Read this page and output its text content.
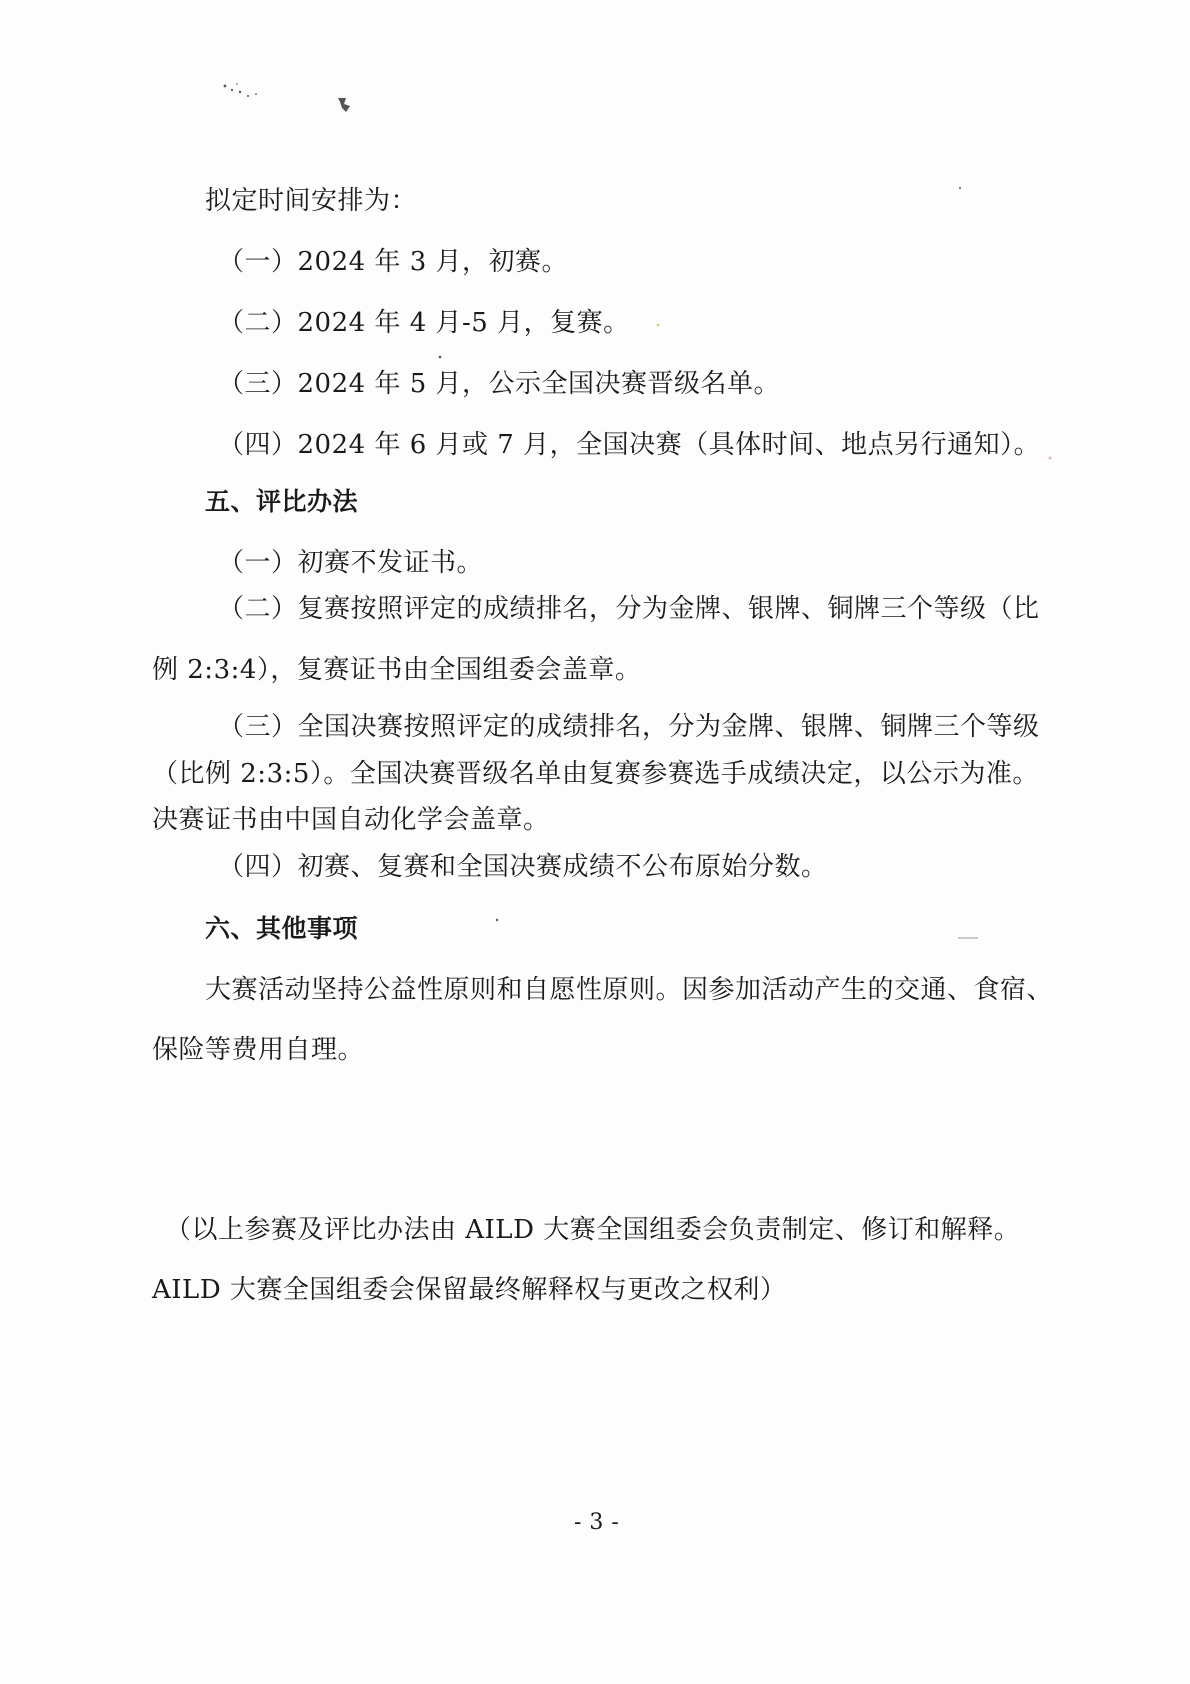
拟定时间安排为：
（一）2024 年 3 月，初赛。
（二）2024 年 4 月-5 月，复赛。
（三）2024 年 5 月，公示全国决赛晋级名单。
（四）2024 年 6 月或 7 月，全国决赛（具体时间、地点另行通知）。
五、评比办法
（一）初赛不发证书。
（二）复赛按照评定的成绩排名，分为金牌、银牌、铜牌三个等级（比
例 2:3:4），复赛证书由全国组委会盖章。
（三）全国决赛按照评定的成绩排名，分为金牌、银牌、铜牌三个等级
（比例 2:3:5）。全国决赛晋级名单由复赛参赛选手成绩决定，以公示为准。
决赛证书由中国自动化学会盖章。
（四）初赛、复赛和全国决赛成绩不公布原始分数。
六、其他事项
大赛活动坚持公益性原则和自愿性原则。因参加活动产生的交通、食宿、
保险等费用自理。
（以上参赛及评比办法由 AILD 大赛全国组委会负责制定、修订和解释。
AILD 大赛全国组委会保留最终解释权与更改之权利）
- 3 -
